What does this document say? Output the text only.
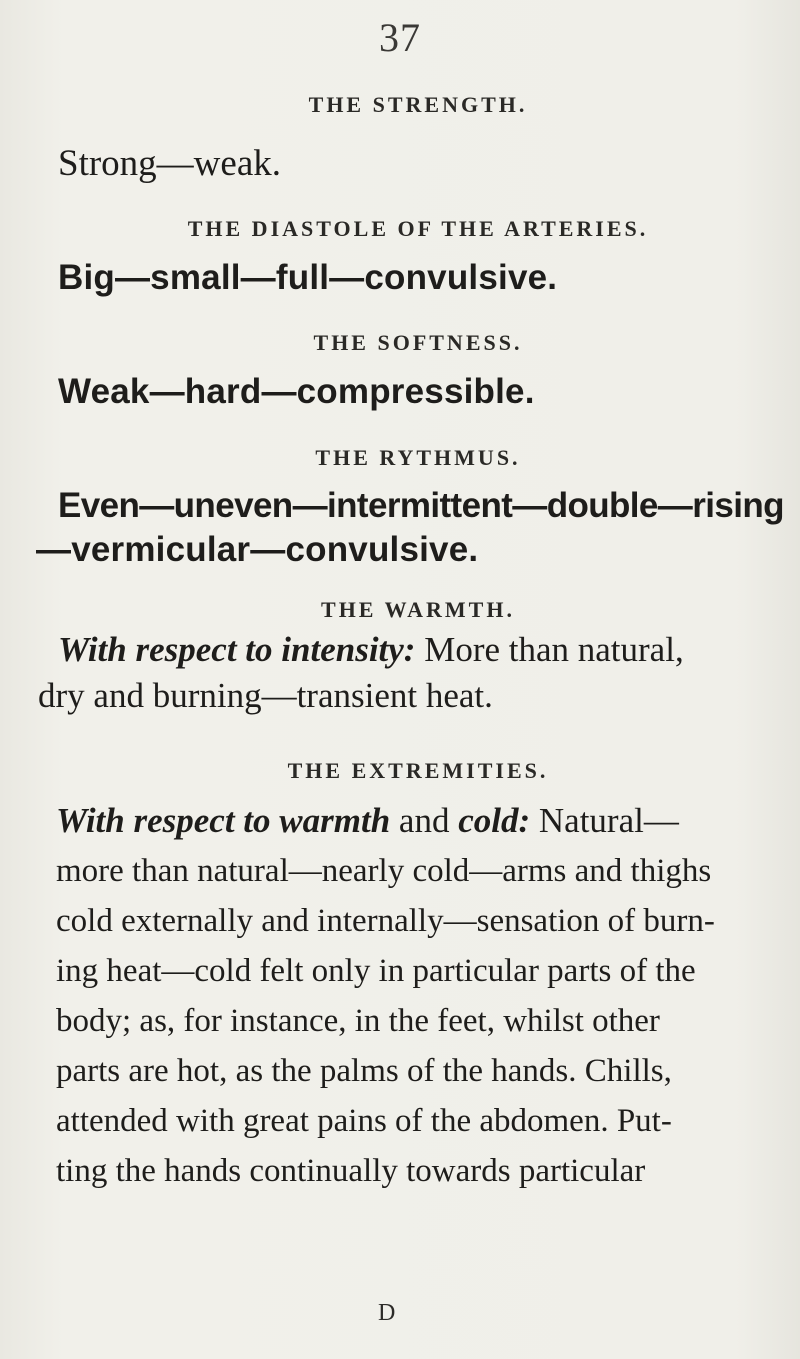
37

THE STRENGTH.

Strong—weak.

THE DIASTOLE OF THE ARTERIES.

Big—small—full—convulsive.

THE SOFTNESS.

Weak—hard—compressible.

THE RYTHMUS.

Even—uneven—intermittent—double—rising

—vermicular—convulsive.

THE WARMTH.

With respect to intensity: More than natural,

dry and burning—transient heat.

THE EXTREMITIES.

With respect to warmth and cold: Natural—

more than natural—nearly cold—arms and thighs

cold externally and internally—sensation of burn-

ing heat—cold felt only in particular parts of the

body; as, for instance, in the feet, whilst other

parts are hot, as the palms of the hands. Chills,

attended with great pains of the abdomen. Put-

ting the hands continually towards particular

D
